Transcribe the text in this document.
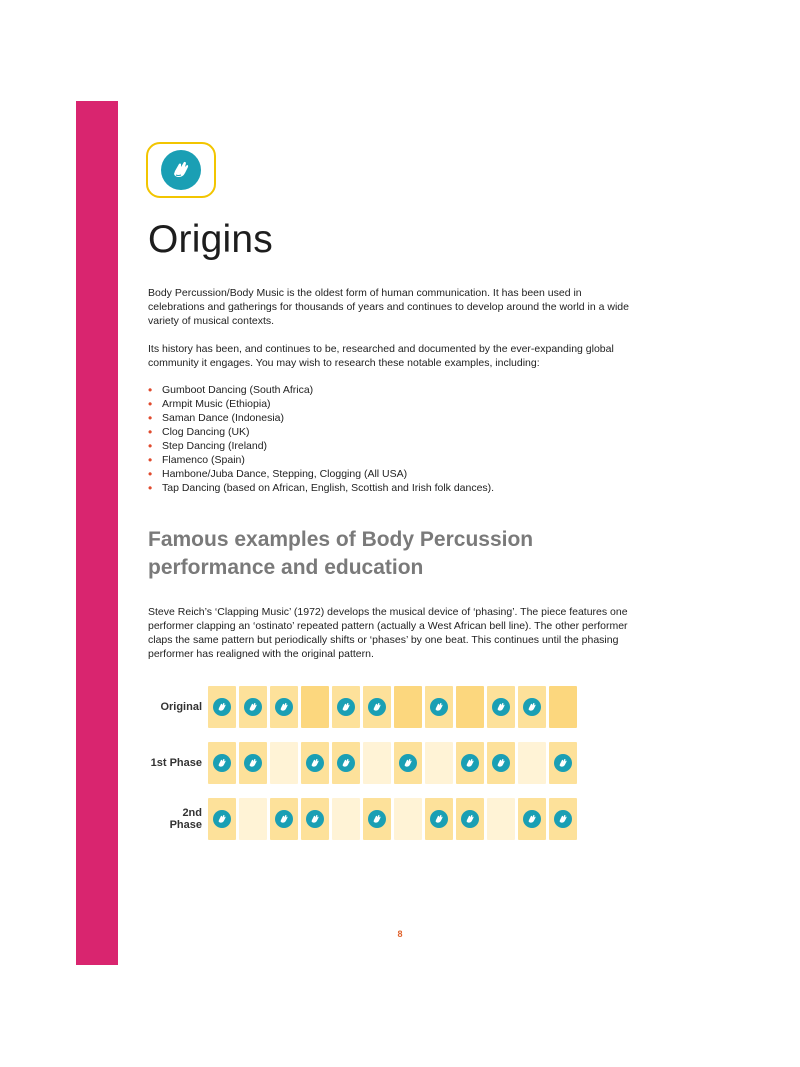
Origins

Body Percussion/Body Music is the oldest form of human communication. It has been used in celebrations and gatherings for thousands of years and continues to develop around the world in a wide variety of musical contexts.

Its history has been, and continues to be, researched and documented by the ever-expanding global community it engages. You may wish to research these notable examples, including:

• Gumboot Dancing (South Africa)
• Armpit Music (Ethiopia)
• Saman Dance (Indonesia)
• Clog Dancing (UK)
• Step Dancing (Ireland)
• Flamenco (Spain)
• Hambone/Juba Dance, Stepping, Clogging (All USA)
• Tap Dancing (based on African, English, Scottish and Irish folk dances).
Famous examples of Body Percussion performance and education

Steve Reich’s ‘Clapping Music’ (1972) develops the musical device of ‘phasing’. The piece features one performer clapping an ‘ostinato’ repeated pattern (actually a West African bell line). The other performer claps the same pattern but periodically shifts or ‘phases’ by one beat. This continues until the phasing performer has realigned with the original pattern.

Original
1st Phase
2nd Phase
8
